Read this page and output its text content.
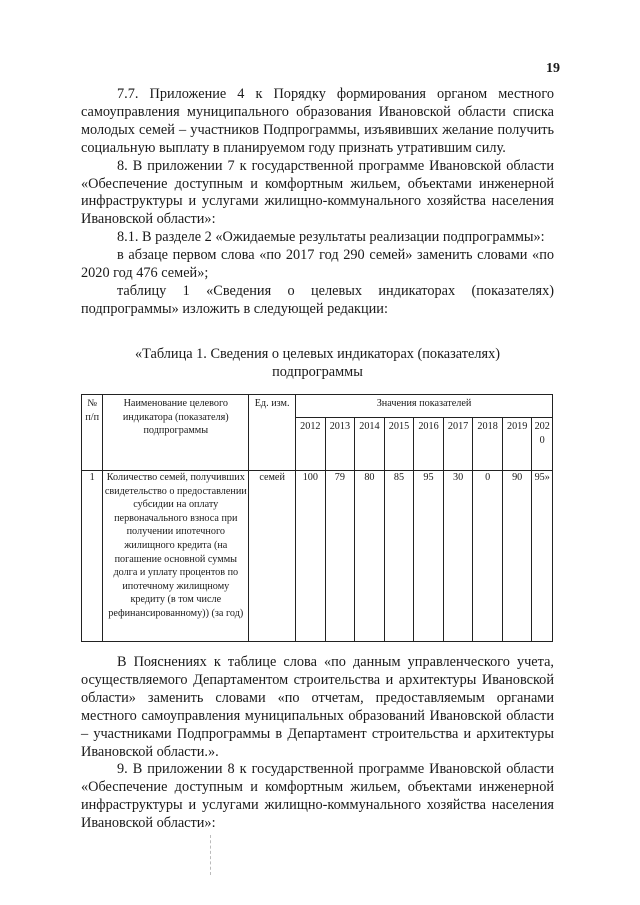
19

7.7. Приложение 4 к Порядку формирования органом местного самоуправления муниципального образования Ивановской области списка молодых семей – участников Подпрограммы, изъявивших желание получить социальную выплату в планируемом году признать утратившим силу.

8. В приложении 7 к государственной программе Ивановской области «Обеспечение доступным и комфортным жильем, объектами инженерной инфраструктуры и услугами жилищно-коммунального хозяйства населения Ивановской области»:

8.1. В разделе 2 «Ожидаемые результаты реализации подпрограммы»:

в абзаце первом слова «по 2017 год 290 семей» заменить словами «по 2020 год 476 семей»;

таблицу 1 «Сведения о целевых индикаторах (показателях) подпрограммы» изложить в следующей редакции:

«Таблица 1. Сведения о целевых индикаторах (показателях)
подпрограммы
№ п/п	Наименование целевого индикатора (показателя) подпрограммы	Ед. изм.	Значения показателей								
			2012	2013	2014	2015	2016	2017	2018	2019	2020
1	Количество семей, получивших свидетельство о предоставлении субсидии на оплату первоначального взноса при получении ипотечного жилищного кредита (на погашение основной суммы долга и уплату процентов по ипотечному жилищному кредиту (в том числе рефинансированному)) (за год)	семей	100	79	80	85	95	30	0	90	95»

В Пояснениях к таблице слова «по данным управленческого учета, осуществляемого Департаментом строительства и архитектуры Ивановской области» заменить словами «по отчетам, предоставляемым органами местного самоуправления муниципальных образований Ивановской области – участниками Подпрограммы в Департамент строительства и архитектуры Ивановской области.».

9. В приложении 8 к государственной программе Ивановской области «Обеспечение доступным и комфортным жильем, объектами инженерной инфраструктуры и услугами жилищно-коммунального хозяйства населения Ивановской области»:
